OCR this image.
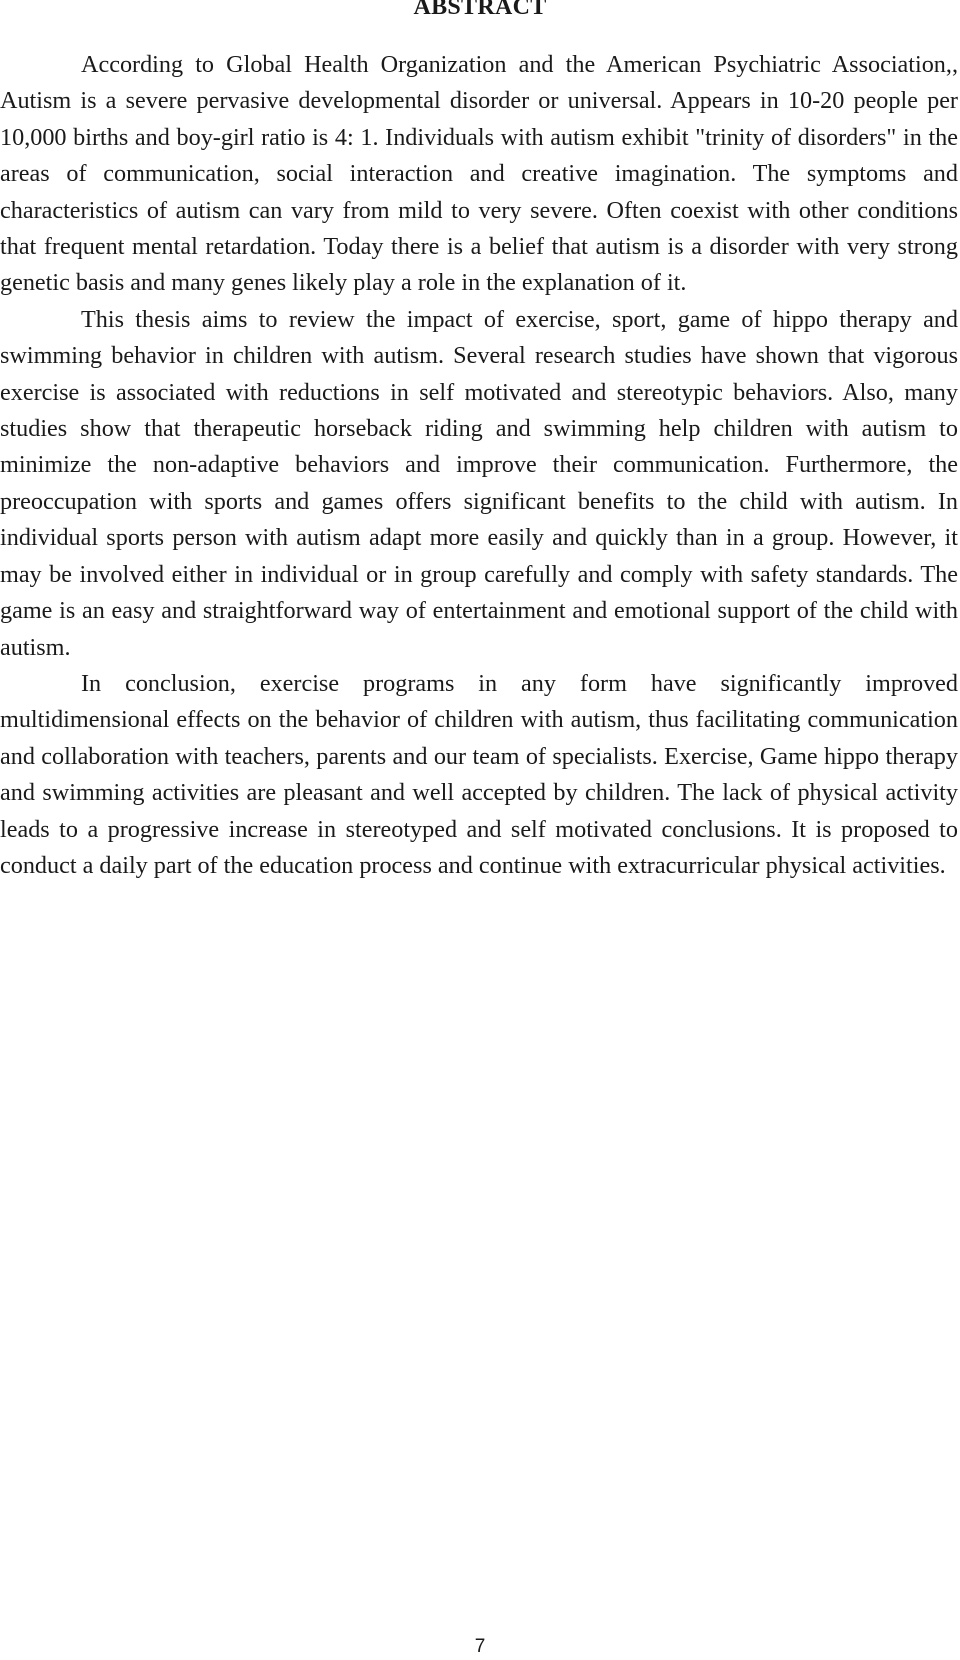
ABSTRACT

According to Global Health Organization and the American Psychiatric Association,, Autism is a severe pervasive developmental disorder or universal. Appears in 10-20 people per 10,000 births and boy-girl ratio is 4: 1. Individuals with autism exhibit "trinity of disorders" in the areas of communication, social interaction and creative imagination. The symptoms and characteristics of autism can vary from mild to very severe. Often coexist with other conditions that frequent mental retardation. Today there is a belief that autism is a disorder with very strong genetic basis and many genes likely play a role in the explanation of it.

This thesis aims to review the impact of exercise, sport, game of hippo therapy and swimming behavior in children with autism. Several research studies have shown that vigorous exercise is associated with reductions in self motivated and stereotypic behaviors. Also, many studies show that therapeutic horseback riding and swimming help children with autism to minimize the non-adaptive behaviors and improve their communication. Furthermore, the preoccupation with sports and games offers significant benefits to the child with autism. In individual sports person with autism adapt more easily and quickly than in a group. However, it may be involved either in individual or in group carefully and comply with safety standards. The game is an easy and straightforward way of entertainment and emotional support of the child with autism.

In conclusion, exercise programs in any form have significantly improved multidimensional effects on the behavior of children with autism, thus facilitating communication and collaboration with teachers, parents and our team of specialists. Exercise, Game hippo therapy and swimming activities are pleasant and well accepted by children. The lack of physical activity leads to a progressive increase in stereotyped and self motivated conclusions. It is proposed to conduct a daily part of the education process and continue with extracurricular physical activities.

7
